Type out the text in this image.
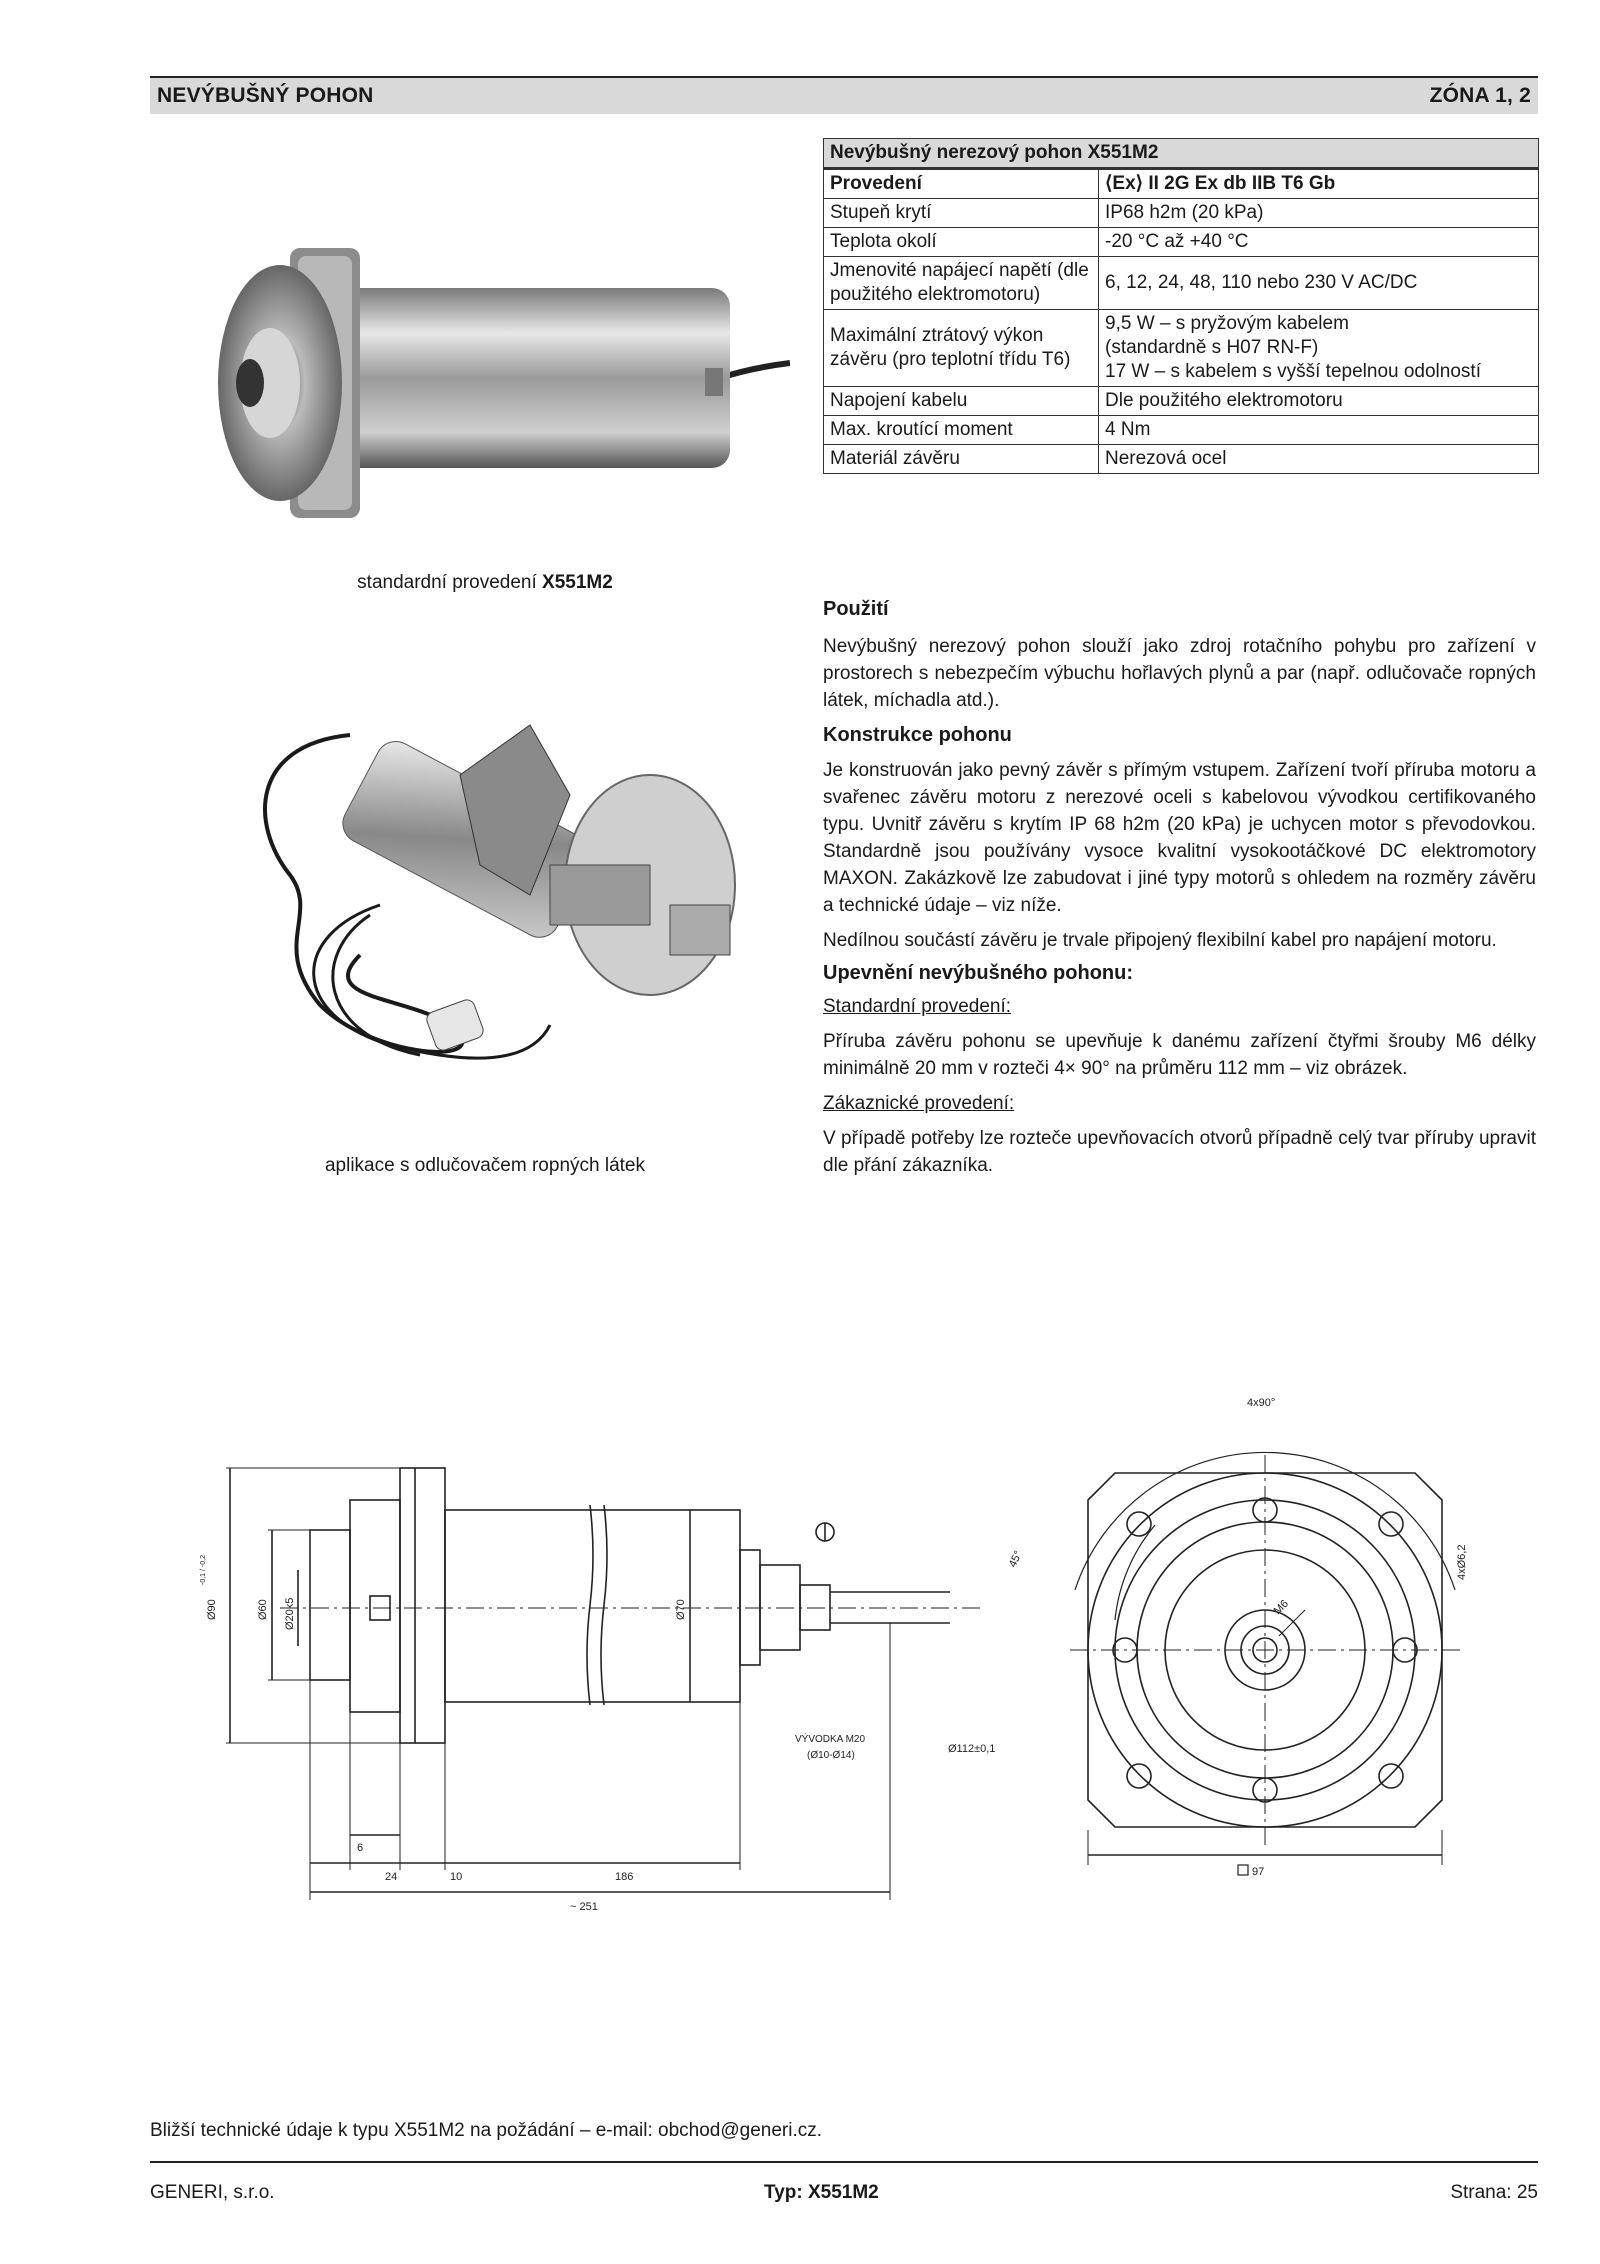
NEVÝBUŠNÝ POHON	ZÓNA 1, 2
standardní provedení X551M2
aplikace s odlučovačem ropných látek
Nevýbušný nerezový pohon X551M2	
Provedení	⟨Ex⟩ II 2G Ex db IIB T6 Gb
Stupeň krytí	IP68 h2m (20 kPa)
Teplota okolí	-20 °C až +40 °C
Jmenovité napájecí napětí (dle použitého elektromotoru)	6, 12, 24, 48, 110 nebo 230 V AC/DC
Maximální ztrátový výkon závěru (pro teplotní třídu T6)	9,5 W – s pryžovým kabelem
(standardně s H07 RN-F)
17 W – s kabelem s vyšší tepelnou odolností

Napojení kabelu	Dle použitého elektromotoru
Max. kroutící moment	4 Nm
Materiál závěru	Nerezová ocel
Použití

Nevýbušný nerezový pohon slouží jako zdroj rotačního pohybu pro zařízení v prostorech s nebezpečím výbuchu hořlavých plynů a par (např. odlučovače ropných látek, míchadla atd.).

Konstrukce pohonu

Je konstruován jako pevný závěr s přímým vstupem. Zařízení tvoří příruba motoru a svařenec závěru motoru z nerezové oceli s kabelovou vývodkou certifikovaného typu. Uvnitř závěru s krytím IP 68 h2m (20 kPa) je uchycen motor s převodovkou. Standardně jsou používány vysoce kvalitní vysokootáčkové DC elektromotory MAXON. Zakázkově lze zabudovat i jiné typy motorů s ohledem na rozměry závěru a technické údaje – viz níže.

Nedílnou součástí závěru je trvale připojený flexibilní kabel pro napájení motoru.

Upevnění nevýbušného pohonu:

Standardní provedení:

Příruba závěru pohonu se upevňuje k danému zařízení čtyřmi šrouby M6 délky minimálně 20 mm v rozteči 4× 90° na průměru 112 mm – viz obrázek.

Zákaznické provedení:

V případě potřeby lze rozteče upevňovacích otvorů případně celý tvar příruby upravit dle přání zákazníka.

Ø90
-0,1 / -0,2
Ø60 Ø20k5	Ø70
VÝVODKA M20
(Ø10-Ø14)
6
24	10	186
~ 251
4x90°
45°	4xØ6,2
M6
Ø112±0,1
97
Bližší technické údaje k typu X551M2 na požádání – e-mail: obchod@generi.cz.
GENERI, s.r.o.	Typ: X551M2	Strana: 25
